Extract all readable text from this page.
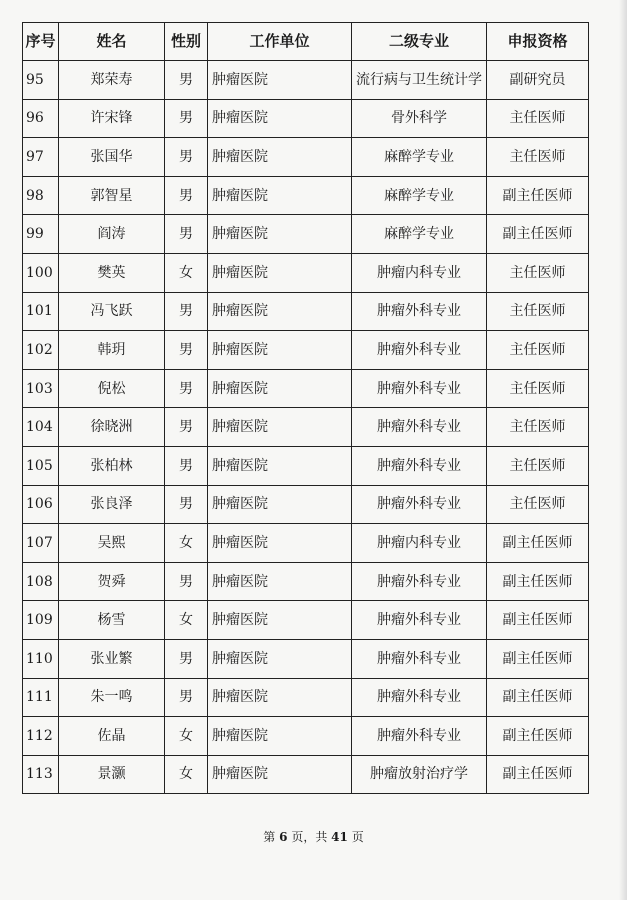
序号	姓名	性别	工作单位	二级专业	申报资格
95	郑荣寿	男	肿瘤医院	流行病与卫生统计学	副研究员
96	许宋锋	男	肿瘤医院	骨外科学	主任医师
97	张国华	男	肿瘤医院	麻醉学专业	主任医师
98	郭智星	男	肿瘤医院	麻醉学专业	副主任医师
99	阎涛	男	肿瘤医院	麻醉学专业	副主任医师
100	樊英	女	肿瘤医院	肿瘤内科专业	主任医师
101	冯飞跃	男	肿瘤医院	肿瘤外科专业	主任医师
102	韩玥	男	肿瘤医院	肿瘤外科专业	主任医师
103	倪松	男	肿瘤医院	肿瘤外科专业	主任医师
104	徐晓洲	男	肿瘤医院	肿瘤外科专业	主任医师
105	张柏林	男	肿瘤医院	肿瘤外科专业	主任医师
106	张良泽	男	肿瘤医院	肿瘤外科专业	主任医师
107	吴熙	女	肿瘤医院	肿瘤内科专业	副主任医师
108	贺舜	男	肿瘤医院	肿瘤外科专业	副主任医师
109	杨雪	女	肿瘤医院	肿瘤外科专业	副主任医师
110	张业繁	男	肿瘤医院	肿瘤外科专业	副主任医师
111	朱一鸣	男	肿瘤医院	肿瘤外科专业	副主任医师
112	佐晶	女	肿瘤医院	肿瘤外科专业	副主任医师
113	景灏	女	肿瘤医院	肿瘤放射治疗学	副主任医师
第 6 页，共 41 页
